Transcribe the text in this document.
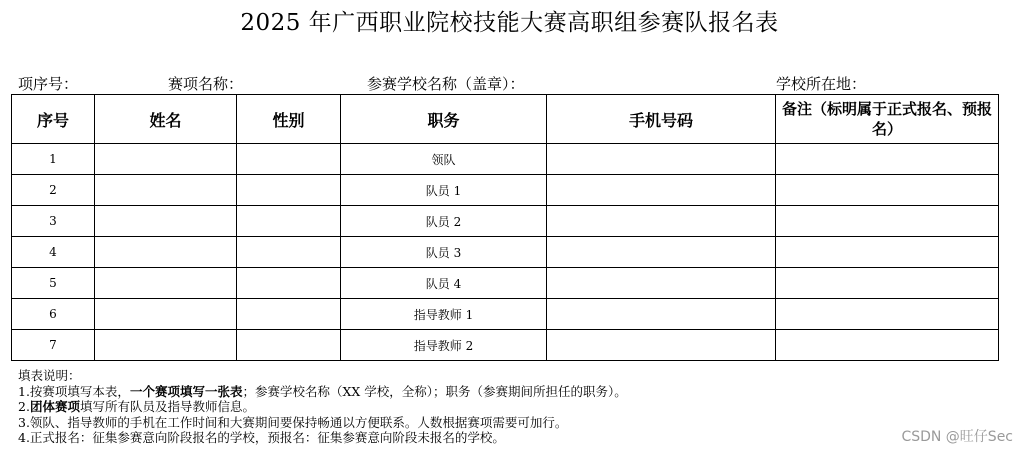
2025 年广西职业院校技能大赛高职组参赛队报名表
项序号：	赛项名称：	参赛学校名称（盖章）：	学校所在地：
序号	姓名	性别	职务	手机号码	备注（标明属于正式报名、预报名）
1			领队		
2			队员 1		
3			队员 2		
4			队员 3		
5			队员 4		
6			指导教师 1		
7			指导教师 2		
填表说明：
1.按赛项填写本表，一个赛项填写一张表；参赛学校名称（XX 学校，全称）；职务（参赛期间所担任的职务）。
2.团体赛项填写所有队员及指导教师信息。
3.领队、指导教师的手机在工作时间和大赛期间要保持畅通以方便联系。人数根据赛项需要可加行。
4.正式报名：征集参赛意向阶段报名的学校，预报名：征集参赛意向阶段未报名的学校。	CSDN @旺仔Sec
